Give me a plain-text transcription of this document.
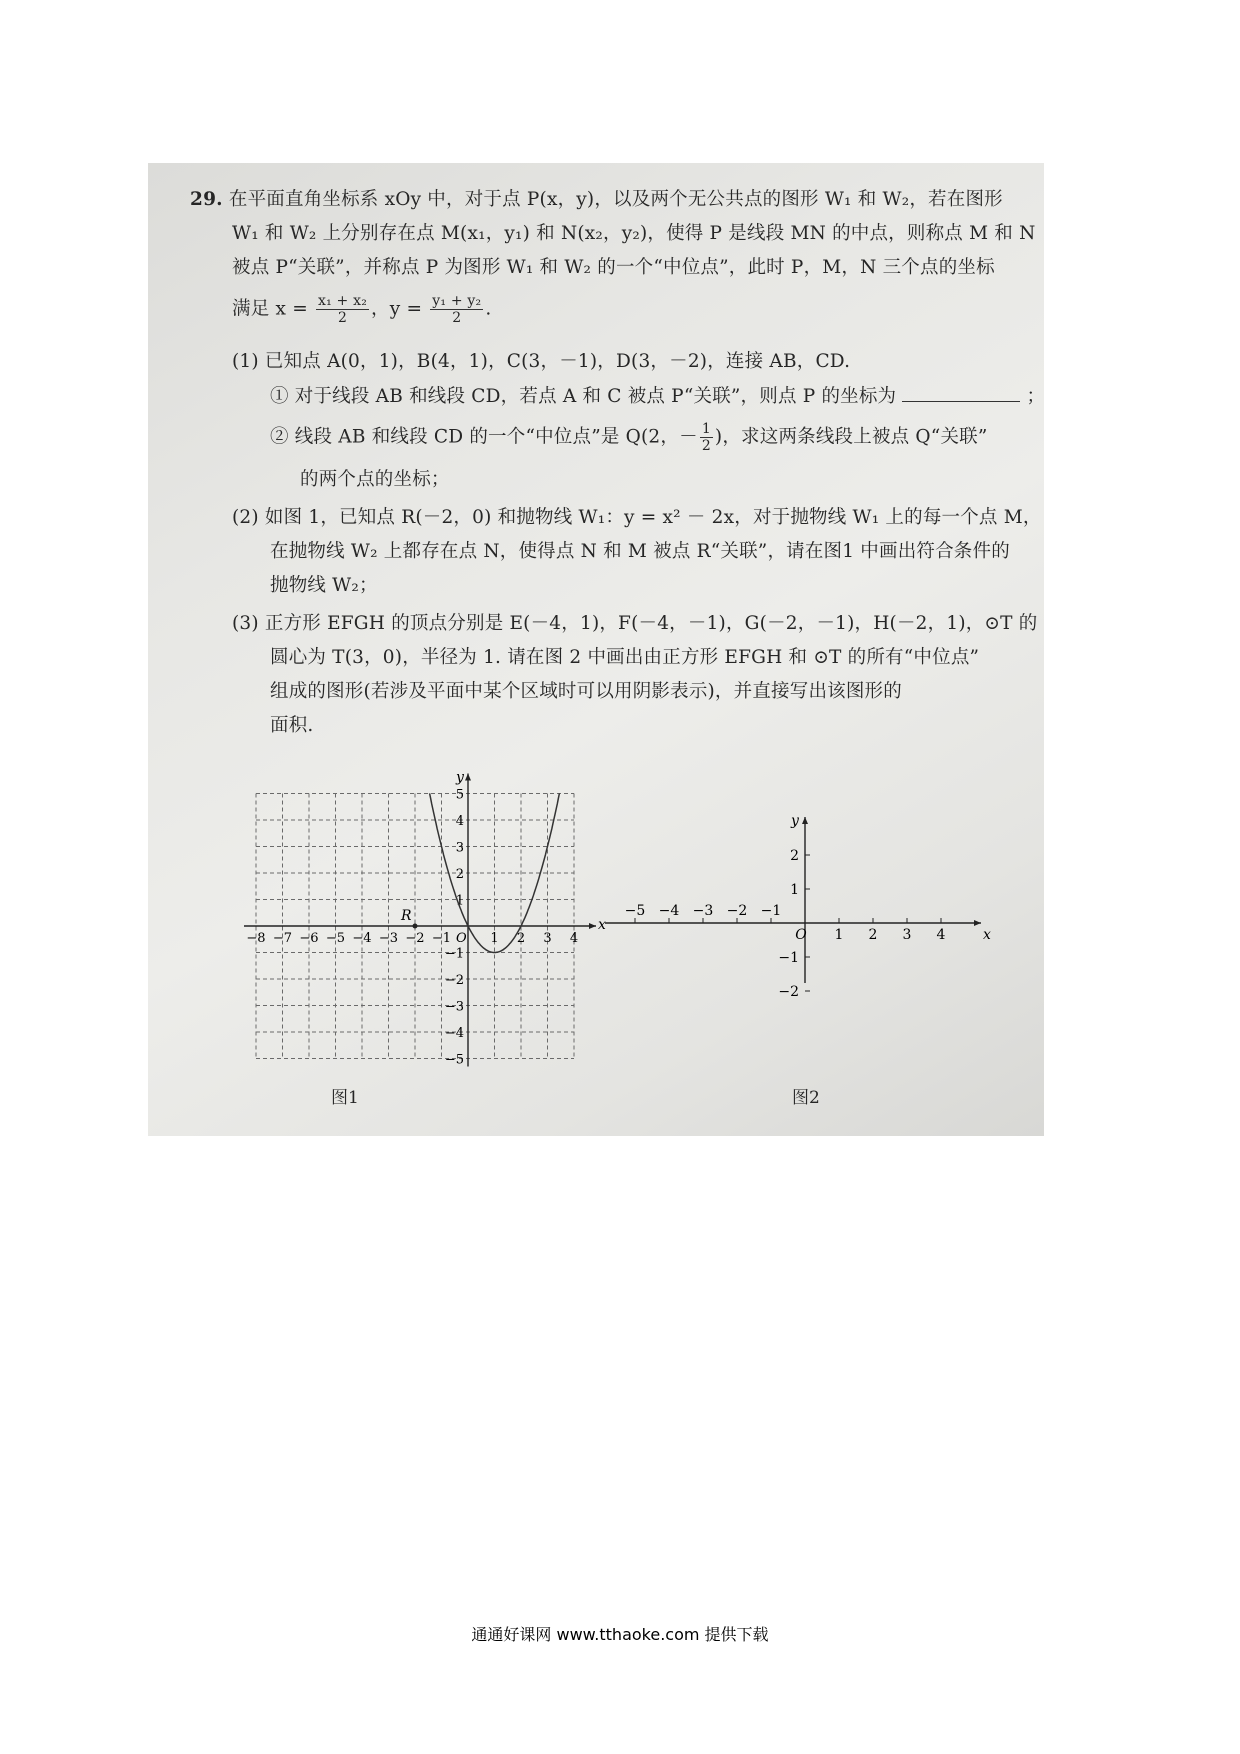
29. 在平面直角坐标系 xOy 中，对于点 P(x，y)，以及两个无公共点的图形 W₁ 和 W₂，若在图形
W₁ 和 W₂ 上分别存在点 M(x₁，y₁) 和 N(x₂，y₂)，使得 P 是线段 MN 的中点，则称点 M 和 N
被点 P“关联”，并称点 P 为图形 W₁ 和 W₂ 的一个“中位点”，此时 P，M，N 三个点的坐标
满足 $x = \frac{\text{x₁ + x₂}}{2}$ ，$y = \frac{\text{y₁ + y₂}}{2}$ .
(1) 已知点 A(0，1)，B(4，1)，C(3，－1)，D(3，－2)，连接 AB，CD.
① 对于线段 AB 和线段 CD，若点 A 和 C 被点 P“关联”，则点 P 的坐标为	；
② 线段 AB 和线段 CD 的一个“中位点”是 Q(2，－ $\frac{1}{2}$ )，求这两条线段上被点 Q“关联”
的两个点的坐标；
(2) 如图 1，已知点 R(－2，0) 和抛物线 W₁：y = x² － 2x，对于抛物线 W₁ 上的每一个点 M，
在抛物线 W₂ 上都存在点 N，使得点 N 和 M 被点 R“关联”，请在图1 中画出符合条件的
抛物线 W₂；
(3) 正方形 EFGH 的顶点分别是 E(－4，1)，F(－4，－1)，G(－2，－1)，H(－2，1)，⊙T 的
圆心为 T(3，0)，半径为 1. 请在图 2 中画出由正方形 EFGH 和 ⊙T 的所有“中位点”
组成的图形(若涉及平面中某个区域时可以用阴影表示)，并直接写出该图形的
面积.
x
y
−8 −7 −6 −5 −4 −3 −2 −1	1 2 3 4
5
4
3
2
1
−1
−2
−3
−4
−5
O
R
图1
x
y
−5 −4 −3 −2 −1
1 2 3 4
2
1
−1
−2
O
图2
通通好课网 www.tthaoke.com 提供下载
